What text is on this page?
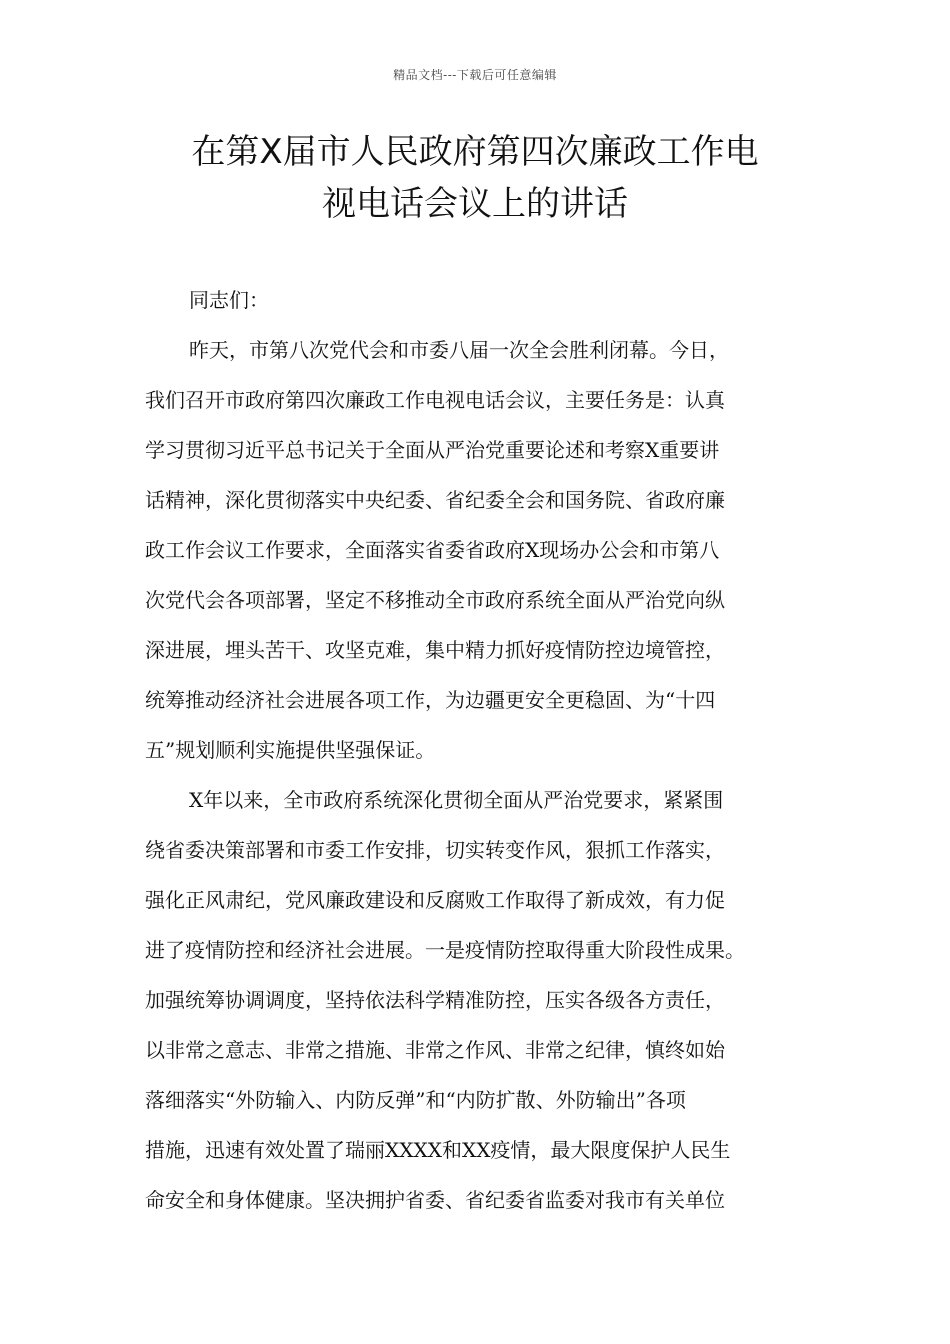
精品文档---下载后可任意编辑
在第X届市人民政府第四次廉政工作电
视电话会议上的讲话
同志们：
昨天，市第八次党代会和市委八届一次全会胜利闭幕。今日，
我们召开市政府第四次廉政工作电视电话会议，主要任务是：认真
学习贯彻习近平总书记关于全面从严治党重要论述和考察X重要讲
话精神，深化贯彻落实中央纪委、省纪委全会和国务院、省政府廉
政工作会议工作要求，全面落实省委省政府X现场办公会和市第八
次党代会各项部署，坚定不移推动全市政府系统全面从严治党向纵
深进展，埋头苦干、攻坚克难，集中精力抓好疫情防控边境管控，
统筹推动经济社会进展各项工作，为边疆更安全更稳固、为“十四
五”规划顺利实施提供坚强保证。
X年以来，全市政府系统深化贯彻全面从严治党要求，紧紧围
绕省委决策部署和市委工作安排，切实转变作风，狠抓工作落实，
强化正风肃纪，党风廉政建设和反腐败工作取得了新成效，有力促
进了疫情防控和经济社会进展。一是疫情防控取得重大阶段性成果。
加强统筹协调调度，坚持依法科学精准防控，压实各级各方责任，
以非常之意志、非常之措施、非常之作风、非常之纪律，慎终如始
落细落实“外防输入、内防反弹”和“内防扩散、外防输出”各项
措施，迅速有效处置了瑞丽XXXX和XX疫情，最大限度保护人民生
命安全和身体健康。坚决拥护省委、省纪委省监委对我市有关单位
